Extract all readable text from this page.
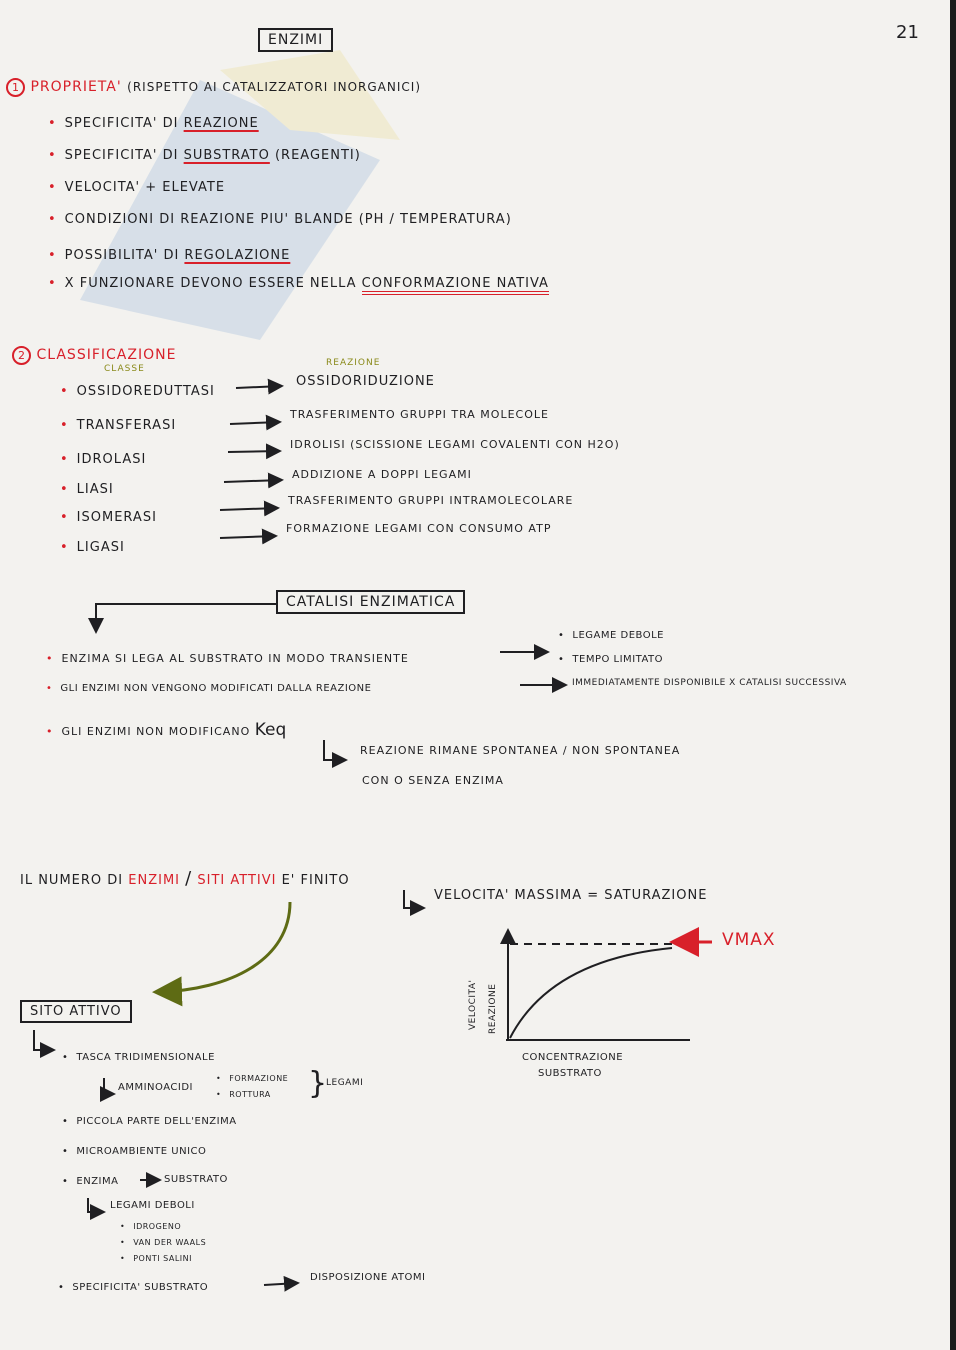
21
ENZIMI
1 PROPRIETA' (RISPETTO AI CATALIZZATORI INORGANICI)
• SPECIFICITA' DI REAZIONE
• SPECIFICITA' DI SUBSTRATO (REAGENTI)
• VELOCITA' + ELEVATE
• CONDIZIONI DI REAZIONE PIU' BLANDE (PH / TEMPERATURA)
• POSSIBILITA' DI REGOLAZIONE
• X FUNZIONARE DEVONO ESSERE NELLA CONFORMAZIONE NATIVA
2 CLASSIFICAZIONE
CLASSE
REAZIONE
• OSSIDOREDUTTASI
OSSIDORIDUZIONE
• TRANSFERASI
TRASFERIMENTO GRUPPI TRA MOLECOLE
• IDROLASI
IDROLISI (SCISSIONE LEGAMI COVALENTI CON H2O)
• LIASI
ADDIZIONE A DOPPI LEGAMI
• ISOMERASI
TRASFERIMENTO GRUPPI INTRAMOLECOLARE
• LIGASI
FORMAZIONE LEGAMI CON CONSUMO ATP
CATALISI ENZIMATICA
• ENZIMA SI LEGA AL SUBSTRATO IN MODO TRANSIENTE
• LEGAME DEBOLE
• TEMPO LIMITATO
• GLI ENZIMI NON VENGONO MODIFICATI DALLA REAZIONE	IMMEDIATAMENTE DISPONIBILE X CATALISI SUCCESSIVA
• GLI ENZIMI NON MODIFICANO Keq
REAZIONE RIMANE SPONTANEA / NON SPONTANEA
CON O SENZA ENZIMA
IL NUMERO DI ENZIMI / SITI ATTIVI E' FINITO
VELOCITA' MASSIMA = SATURAZIONE
VELOCITA' REAZIONE
CONCENTRAZIONE
SUBSTRATO
VMAX
SITO ATTIVO
• TASCA TRIDIMENSIONALE
AMMINOACIDI
• FORMAZIONE
• ROTTURA }
LEGAMI
• PICCOLA PARTE DELL'ENZIMA
• MICROAMBIENTE UNICO
• ENZIMA	SUBSTRATO
LEGAMI DEBOLI
• IDROGENO
• VAN DER WAALS
• PONTI SALINI
• SPECIFICITA' SUBSTRATO
DISPOSIZIONE ATOMI
